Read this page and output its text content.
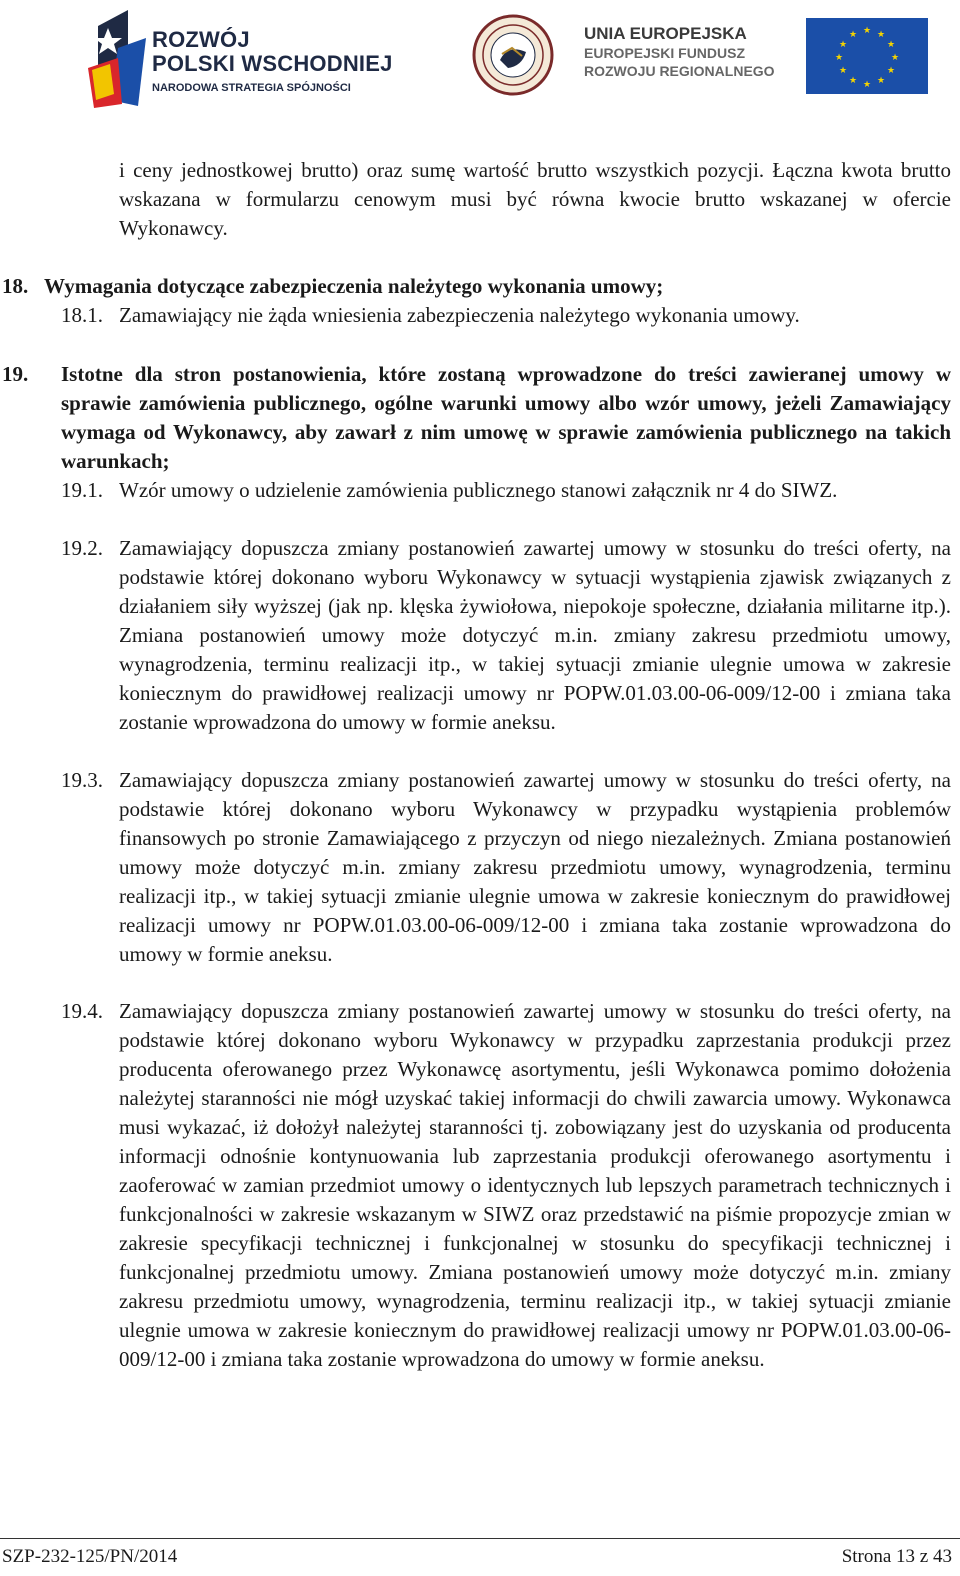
ROZWÓJ
POLSKI WSCHODNIEJ
NARODOWA STRATEGIA SPÓJNOŚCI
UNIA EUROPEJSKA
EUROPEJSKI FUNDUSZ
ROZWOJU REGIONALNEGO
★ ★
★
★
★
★
★
★
★
★
★
★
i ceny jednostkowej brutto) oraz sumę wartość brutto wszystkich pozycji. Łączna kwota brutto wskazana w formularzu cenowym musi być równa kwocie brutto wskazanej w ofercie Wykonawcy.
18. Wymagania dotyczące zabezpieczenia należytego wykonania umowy;
18.1. Zamawiający nie żąda wniesienia zabezpieczenia należytego wykonania umowy.
19. Istotne dla stron postanowienia, które zostaną wprowadzone do treści zawieranej umowy w sprawie zamówienia publicznego, ogólne warunki umowy albo wzór umowy, jeżeli Zamawiający wymaga od Wykonawcy, aby zawarł z nim umowę w sprawie zamówienia publicznego na takich warunkach;
19.1. Wzór umowy o udzielenie zamówienia publicznego stanowi załącznik nr 4 do SIWZ.
19.2. Zamawiający dopuszcza zmiany postanowień zawartej umowy w stosunku do treści oferty, na podstawie której dokonano wyboru Wykonawcy w sytuacji wystąpienia zjawisk związanych z działaniem siły wyższej (jak np. klęska żywiołowa, niepokoje społeczne, działania militarne itp.). Zmiana postanowień umowy może dotyczyć m.in. zmiany zakresu przedmiotu umowy, wynagrodzenia, terminu realizacji itp., w takiej sytuacji zmianie ulegnie umowa w zakresie koniecznym do prawidłowej realizacji umowy nr POPW.01.03.00-06-009/12-00 i zmiana taka zostanie wprowadzona do umowy w formie aneksu.
19.3. Zamawiający dopuszcza zmiany postanowień zawartej umowy w stosunku do treści oferty, na podstawie której dokonano wyboru Wykonawcy w przypadku wystąpienia problemów finansowych po stronie Zamawiającego z przyczyn od niego niezależnych. Zmiana postanowień umowy może dotyczyć m.in. zmiany zakresu przedmiotu umowy, wynagrodzenia, terminu realizacji itp., w takiej sytuacji zmianie ulegnie umowa w zakresie koniecznym do prawidłowej realizacji umowy nr POPW.01.03.00-06-009/12-00 i zmiana taka zostanie wprowadzona do umowy w formie aneksu.
19.4. Zamawiający dopuszcza zmiany postanowień zawartej umowy w stosunku do treści oferty, na podstawie której dokonano wyboru Wykonawcy w przypadku zaprzestania produkcji przez producenta oferowanego przez Wykonawcę asortymentu, jeśli Wykonawca pomimo dołożenia należytej staranności nie mógł uzyskać takiej informacji do chwili zawarcia umowy. Wykonawca musi wykazać, iż dołożył należytej staranności tj. zobowiązany jest do uzyskania od producenta informacji odnośnie kontynuowania lub zaprzestania produkcji oferowanego asortymentu i zaoferować w zamian przedmiot umowy o identycznych lub lepszych parametrach technicznych i funkcjonalności w zakresie wskazanym w SIWZ oraz przedstawić na piśmie propozycje zmian w zakresie specyfikacji technicznej i funkcjonalnej w stosunku do specyfikacji technicznej i funkcjonalnej przedmiotu umowy. Zmiana postanowień umowy może dotyczyć m.in. zmiany zakresu przedmiotu umowy, wynagrodzenia, terminu realizacji itp., w takiej sytuacji zmianie ulegnie umowa w zakresie koniecznym do prawidłowej realizacji umowy nr POPW.01.03.00-06-009/12-00 i zmiana taka zostanie wprowadzona do umowy w formie aneksu.
SZP-232-125/PN/2014	Strona 13 z 43
